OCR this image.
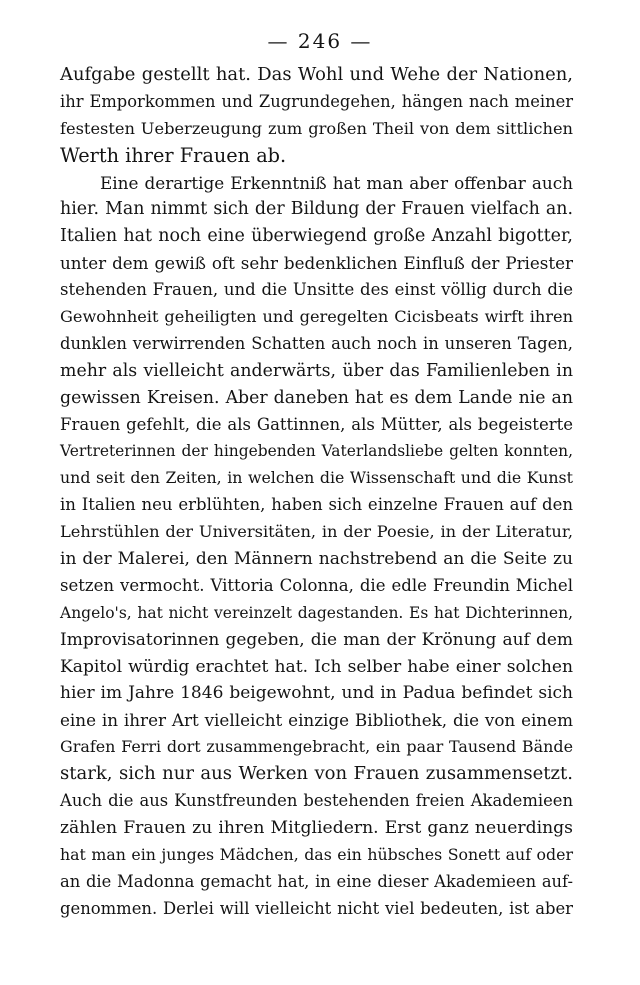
— 246 —
Aufgabe gestellt hat. Das Wohl und Wehe der Nationen,
ihr Emporkommen und Zugrundegehen, hängen nach meiner
festesten Ueberzeugung zum großen Theil von dem sittlichen
Werth ihrer Frauen ab.
Eine derartige Erkenntniß hat man aber offenbar auch
hier. Man nimmt sich der Bildung der Frauen vielfach an.
Italien hat noch eine überwiegend große Anzahl bigotter,
unter dem gewiß oft sehr bedenklichen Einfluß der Priester
stehenden Frauen, und die Unsitte des einst völlig durch die
Gewohnheit geheiligten und geregelten Cicisbeats wirft ihren
dunklen verwirrenden Schatten auch noch in unseren Tagen,
mehr als vielleicht anderwärts, über das Familienleben in
gewissen Kreisen. Aber daneben hat es dem Lande nie an
Frauen gefehlt, die als Gattinnen, als Mütter, als begeisterte
Vertreterinnen der hingebenden Vaterlandsliebe gelten konnten,
und seit den Zeiten, in welchen die Wissenschaft und die Kunst
in Italien neu erblühten, haben sich einzelne Frauen auf den
Lehrstühlen der Universitäten, in der Poesie, in der Literatur,
in der Malerei, den Männern nachstrebend an die Seite zu
setzen vermocht. Vittoria Colonna, die edle Freundin Michel
Angelo's, hat nicht vereinzelt dagestanden. Es hat Dichterinnen,
Improvisatorinnen gegeben, die man der Krönung auf dem
Kapitol würdig erachtet hat. Ich selber habe einer solchen
hier im Jahre 1846 beigewohnt, und in Padua befindet sich
eine in ihrer Art vielleicht einzige Bibliothek, die von einem
Grafen Ferri dort zusammengebracht, ein paar Tausend Bände
stark, sich nur aus Werken von Frauen zusammensetzt.
Auch die aus Kunstfreunden bestehenden freien Akademieen
zählen Frauen zu ihren Mitgliedern. Erst ganz neuerdings
hat man ein junges Mädchen, das ein hübsches Sonett auf oder
an die Madonna gemacht hat, in eine dieser Akademieen auf-
genommen. Derlei will vielleicht nicht viel bedeuten, ist aber
